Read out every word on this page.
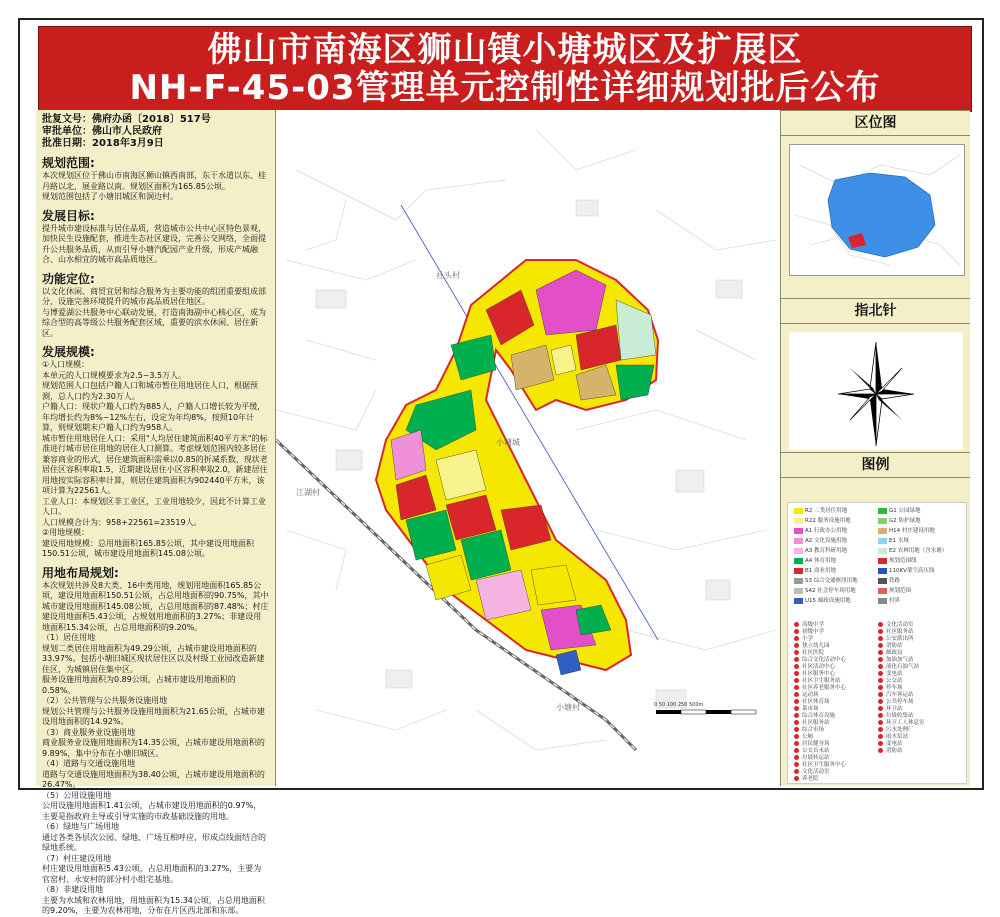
佛山市南海区狮山镇小塘城区及扩展区
NH-F-45-03管理单元控制性详细规划批后公布
批复文号：佛府办函〔2018〕517号
审批单位：佛山市人民政府
批准日期：2018年3月9日
规划范围:

本次规划区位于佛山市南海区狮山镇西南部，东干水道以东、桂丹路以北，展业路以南。规划区面积为165.85公顷。
规划范围包括了小塘旧城区和洞边村。

发展目标:

提升城市建设标准与居住品质，营造城市公共中心区特色景观，加快民生设施配套，推进生态社区建设，完善公交网络，全面提升公共服务品质，从而引导小塘汽配园产业升级，形成产城融合、山水相宜的城市高品质地区。

功能定位:

以文化休闲、商贸宜居和综合服务为主要功能的组团重要组成部分，设施完善环境提升的城市高品质居住地区。
与博爱湖公共服务中心联动发展，打造南海副中心核心区，成为综合型的高等级公共服务配套区域，重要的滨水休闲、居住新区。

发展规模:

①人口规模：
本单元的人口规模要求为2.5~3.5万人。
规划范围人口包括户籍人口和城市暂住用地居住人口，根据预测，总人口约为2.30万人。
户籍人口：现状户籍人口约为885人，户籍人口增长较为平缓，年均增长约为8%~12%左右，设定为年均8%，按照10年计算，则规划期末户籍人口约为958人。
城市暂住用地居住人口：采用"人均居住建筑面积40平方米"的标准进行城市居住用地的居住人口测算。考虑规划范围内较多居住兼容商业的形式，居住建筑面积需乘以0.85的折减系数，现状老居住区容积率取1.5，近期建设居住小区容积率取2.0，新建居住用地按实际容积率计算，则居住建筑面积为902440平方米，该项计算为22561人。
工业人口：本规划区非工业区，工业用地较少，因此不计算工业人口。
人口规模合计为：958+22561=23519人。
②用地规模：
建设用地规模：总用地面积165.85公顷，其中建设用地面积150.51公顷，城市建设用地面积145.08公顷。

用地布局规划:

本次规划共涉及8大类、16中类用地，规划用地面积165.85公顷，建设用地面积150.51公顷，占总用地面积的90.75%，其中城市建设用地面积145.08公顷，占总用地面积的87.48%；村庄建设用地面积5.43公顷，占规划用地面积的3.27%；非建设用地面积15.34公顷，占总用地面积的9.20%。
（1）居住用地
规划二类居住用地面积为49.29公顷，占城市建设用地面积的33.97%。包括小塘旧城区现状居住区以及村级工业园改造新建住区，为城镇居住集中区。
服务设施用地面积为0.89公顷，占城市建设用地面积的0.58%。
（2）公共管理与公共服务设施用地
规划公共管理与公共服务设施用地面积为21.65公顷，占城市建设用地面积的14.92%。
（3）商业服务业设施用地
商业服务业设施用地面积为14.35公顷，占城市建设用地面积的9.89%，集中分布在小塘旧城区。
（4）道路与交通设施用地
道路与交通设施用地面积为38.40公顷，占城市建设用地面积的26.47%。
（5）公用设施用地
公用设施用地面积1.41公顷，占城市建设用地面积的0.97%，主要是指政府主导或引导实施的市政基础设施的用地。
（6）绿地与广场用地
通过各类各层次公园、绿地、广场互相呼应，形成点线面结合的绿地系统。
（7）村庄建设用地
村庄建设用地面积5.43公顷，占总用地面积的3.27%，主要为官窑村、永安村的部分村小组宅基地。
（8）非建设用地
主要为水域和农林用地，用地面积为15.34公顷，占总用地面积的9.20%，主要为农林用地，分布在片区西北部和东部。

小塘城
江湖村
小塘村
社头村
0 50 100 250 500m
区位图
指北针
图例
R2 二类居住用地
R22 服务设施用地
A1 行政办公用地
A2 文化设施用地
A3 教育科研用地
A4 体育用地
B1 商业用地
S3 综合交通枢纽用地
S42 社会停车场用地
U15 邮政设施用地
G1 公园绿地
G2 防护绿地
H14 村庄建设用地
E1 水域
E2 农林用地（含水塘）
规划范围线
110KV架空高压线
铁路
规划范围
村界
高级中学
初级中学
小学
独立幼儿园
社区医院
综合文化活动中心
社区活动中心
社区服务中心
社区卫生服务站
社区养老服务中心
运动场
社区体育场
菜市场
综合体育设施
社区服务站
综合市场
公厕
居民健身场
公交首末站
垃圾转运站
社区卫生服务中心
文化活动室
养老院
文化活动室
社区服务站
公安派出所
消防站
邮政局
加油加气站
液化石油气站
变电站
公交站
停车场
汽车客运站
公共停车场
环卫站
垃圾收集站
环卫工人休息室
污水处理厂
雨水泵站
变电站
消防站
